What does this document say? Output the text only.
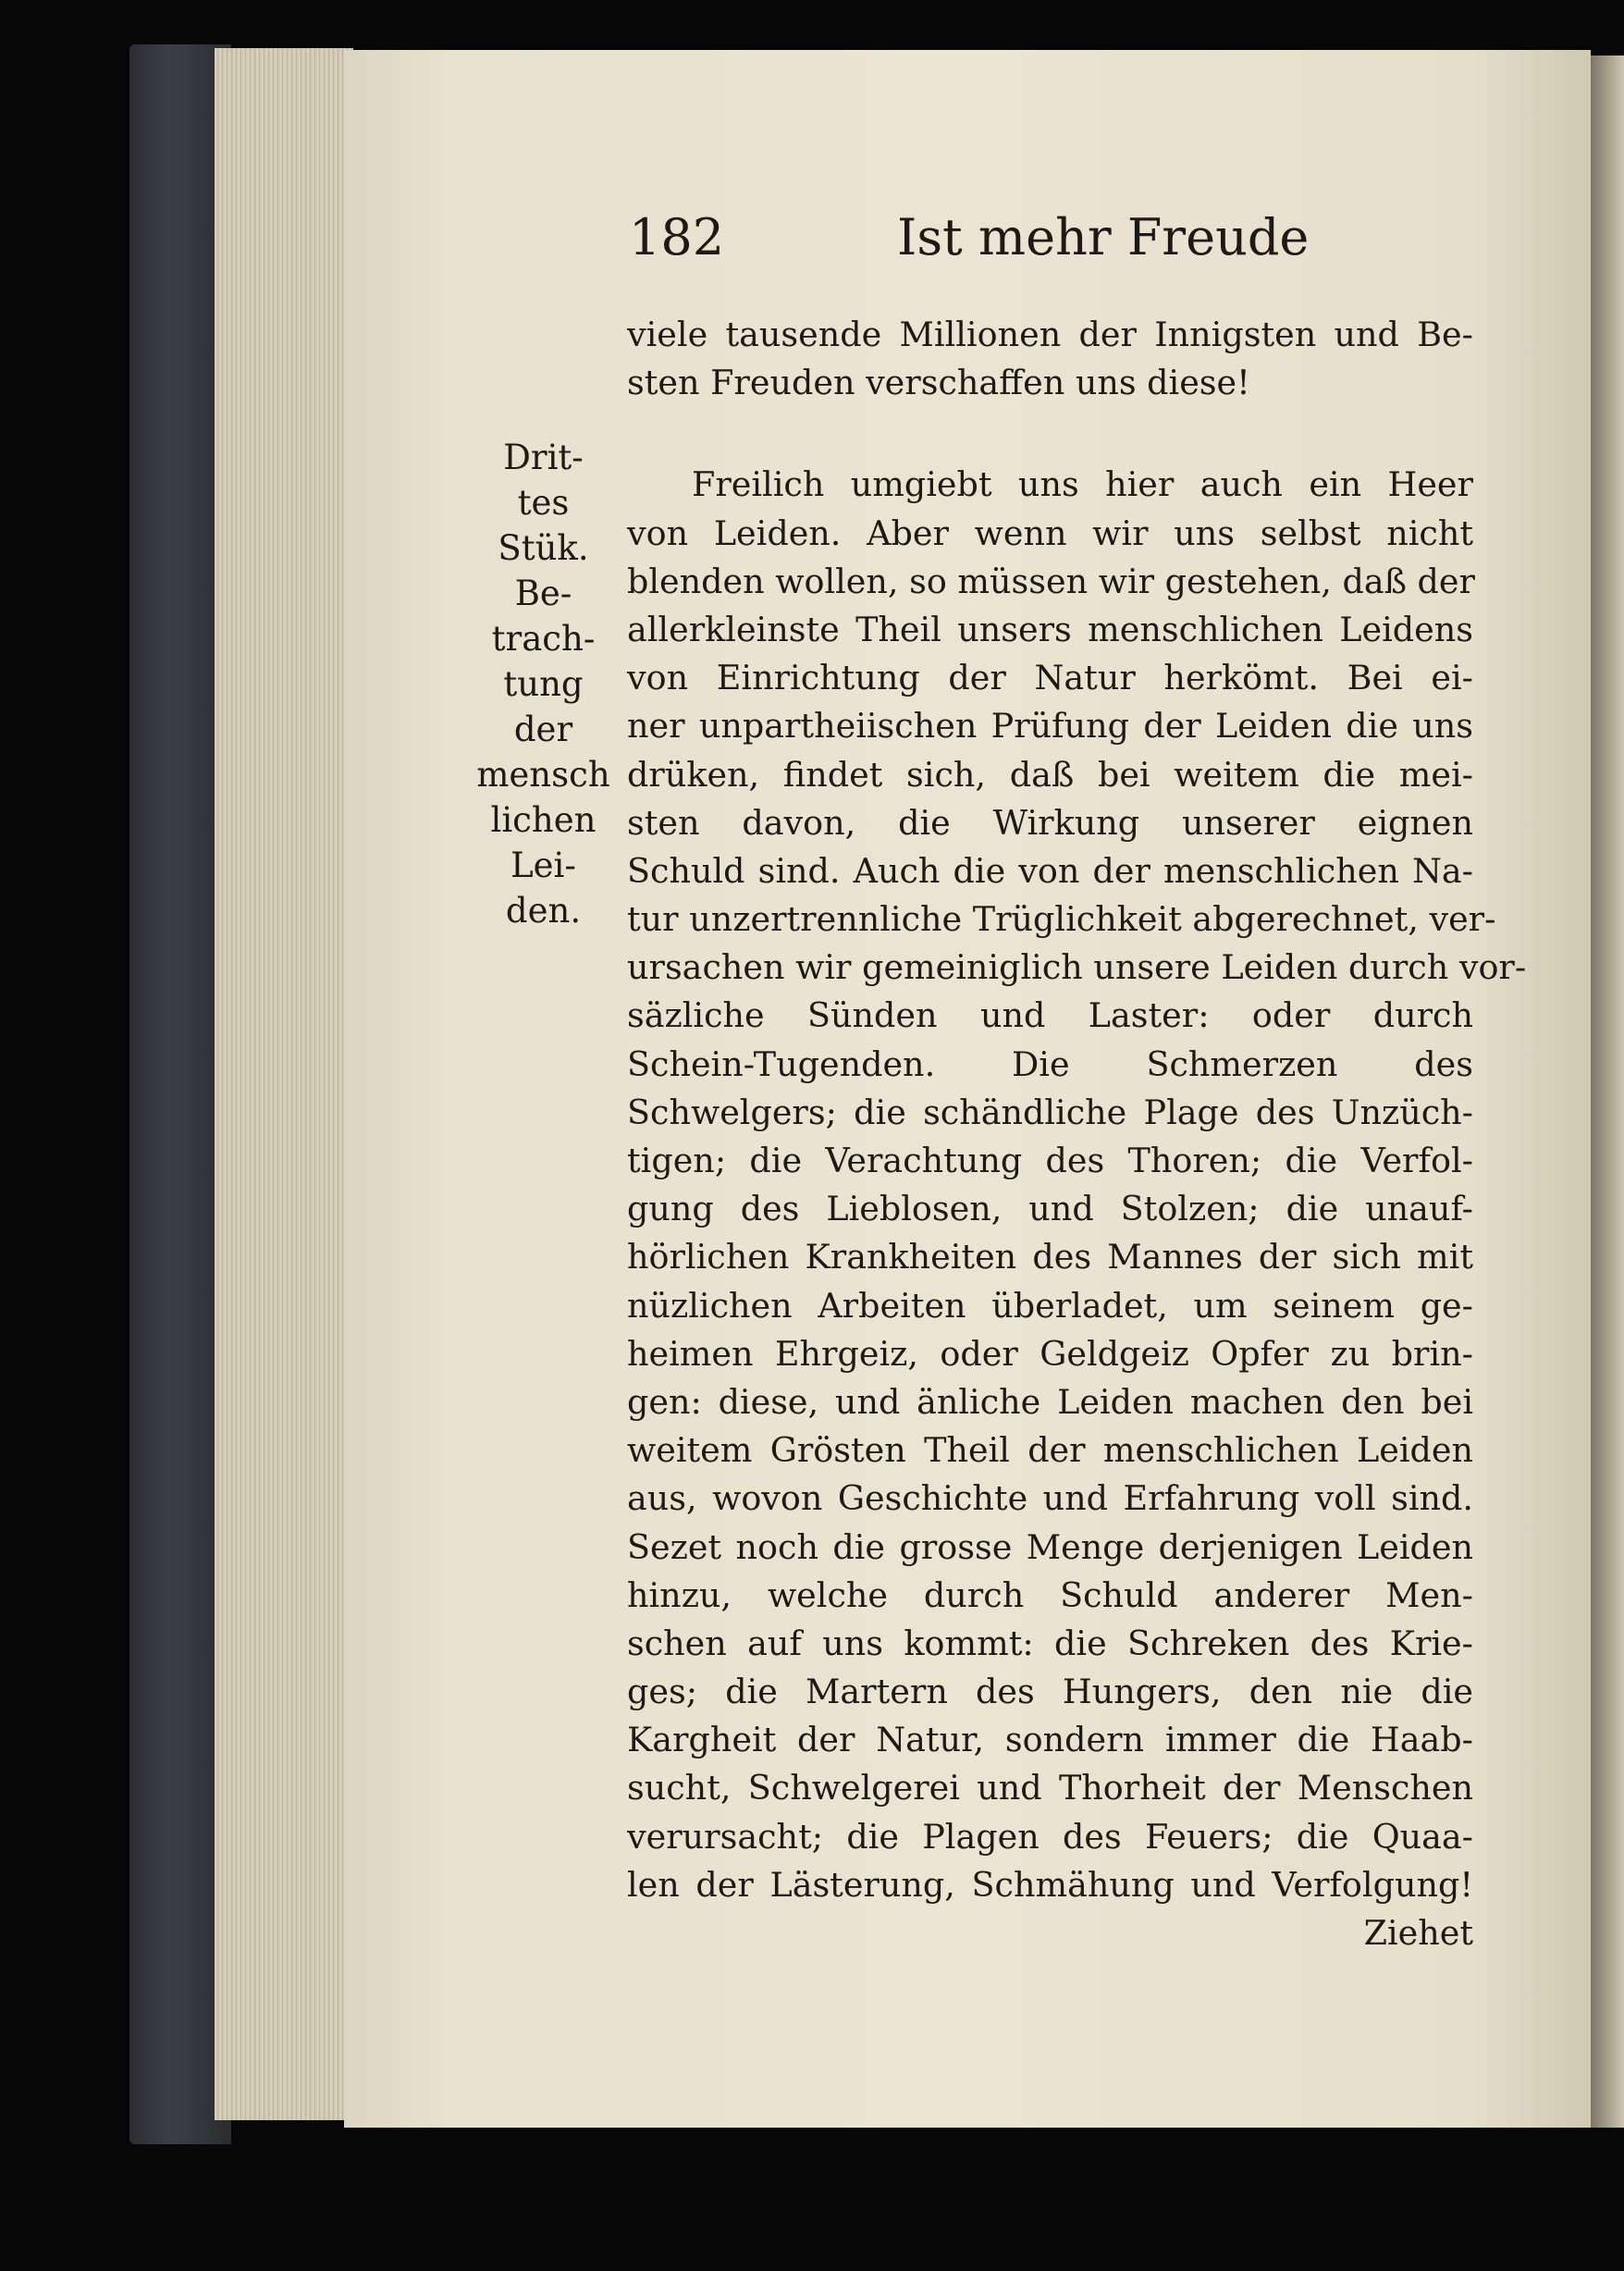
182	Ist mehr Freude
Drit-
tes
Stük.
Be-
trach-
tung
der
mensch
lichen
Lei-
den.
viele tausende Millionen der Innigsten und Be-
sten Freuden verschaffen uns diese!
Freilich umgiebt uns hier auch ein Heer
von Leiden. Aber wenn wir uns selbst nicht
blenden wollen, so müssen wir gestehen, daß der
allerkleinste Theil unsers menschlichen Leidens
von Einrichtung der Natur herkömt. Bei ei-
ner unpartheiischen Prüfung der Leiden die uns
drüken, findet sich, daß bei weitem die mei-
sten davon, die Wirkung unserer eignen
Schuld sind. Auch die von der menschlichen Na-
tur unzertrennliche Trüglichkeit abgerechnet, ver-
ursachen wir gemeiniglich unsere Leiden durch vor-
säzliche Sünden und Laster: oder durch
Schein-Tugenden. Die Schmerzen des
Schwelgers; die schändliche Plage des Unzüch-
tigen; die Verachtung des Thoren; die Verfol-
gung des Lieblosen, und Stolzen; die unauf-
hörlichen Krankheiten des Mannes der sich mit
nüzlichen Arbeiten überladet, um seinem ge-
heimen Ehrgeiz, oder Geldgeiz Opfer zu brin-
gen: diese, und änliche Leiden machen den bei
weitem Grösten Theil der menschlichen Leiden
aus, wovon Geschichte und Erfahrung voll sind.
Sezet noch die grosse Menge derjenigen Leiden
hinzu, welche durch Schuld anderer Men-
schen auf uns kommt: die Schreken des Krie-
ges; die Martern des Hungers, den nie die
Kargheit der Natur, sondern immer die Haab-
sucht, Schwelgerei und Thorheit der Menschen
verursacht; die Plagen des Feuers; die Quaa-
len der Lästerung, Schmähung und Verfolgung!
Ziehet
